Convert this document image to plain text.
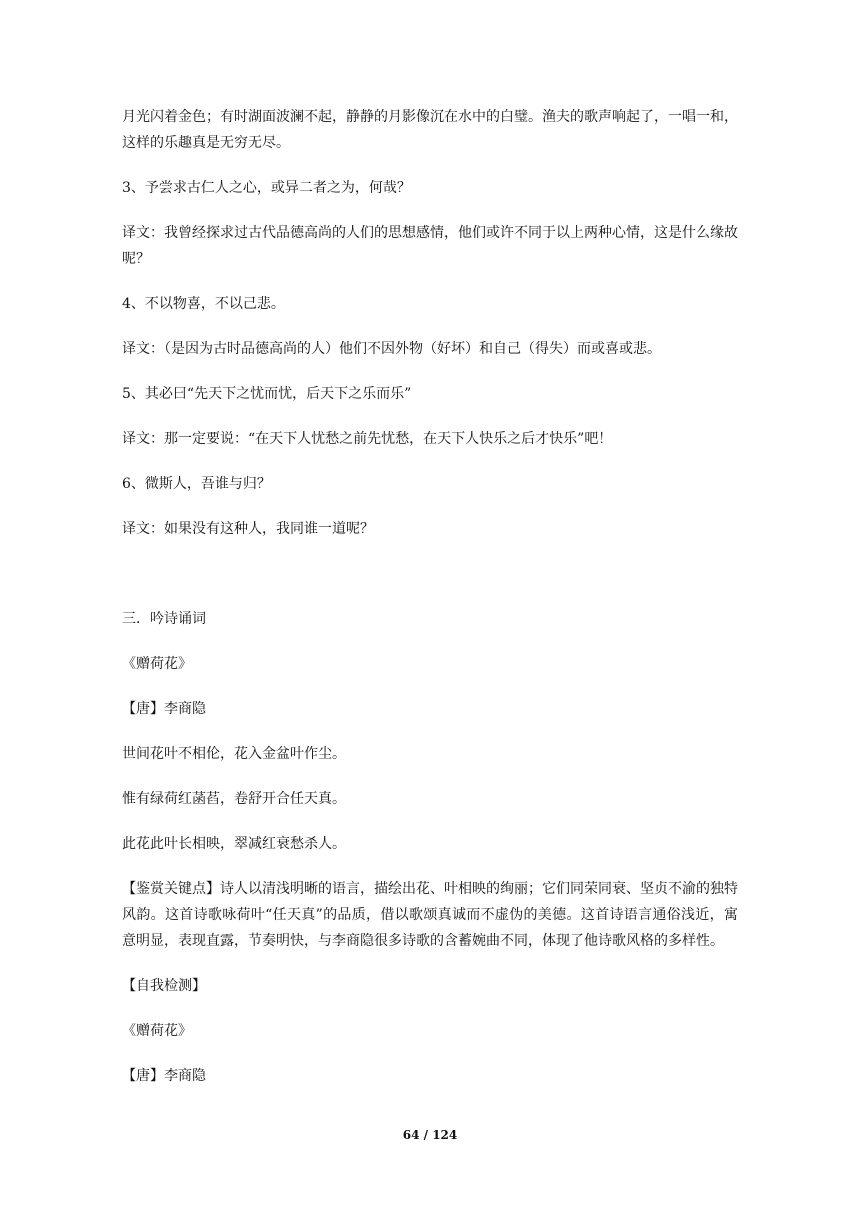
月光闪着金色；有时湖面波澜不起，静静的月影像沉在水中的白璧。渔夫的歌声响起了，一唱一和，这样的乐趣真是无穷无尽。

3、予尝求古仁人之心，或异二者之为，何哉？

译文：我曾经探求过古代品德高尚的人们的思想感情，他们或许不同于以上两种心情，这是什么缘故呢？

4、不以物喜，不以己悲。

译文：（是因为古时品德高尚的人）他们不因外物（好坏）和自己（得失）而或喜或悲。

5、其必曰“先天下之忧而忧，后天下之乐而乐”

译文：那一定要说：“在天下人忧愁之前先忧愁，在天下人快乐之后才快乐”吧！

6、微斯人，吾谁与归？

译文：如果没有这种人，我同谁一道呢？

三．吟诗诵词

《赠荷花》

【唐】李商隐

世间花叶不相伦，花入金盆叶作尘。

惟有绿荷红菡萏，卷舒开合任天真。

此花此叶长相映，翠减红衰愁杀人。

【鉴赏关键点】诗人以清浅明晰的语言，描绘出花、叶相映的绚丽；它们同荣同衰、坚贞不渝的独特风韵。这首诗歌咏荷叶“任天真”的品质，借以歌颂真诚而不虚伪的美德。这首诗语言通俗浅近，寓意明显，表现直露，节奏明快，与李商隐很多诗歌的含蓄婉曲不同，体现了他诗歌风格的多样性。

【自我检测】

《赠荷花》

【唐】李商隐

64 / 124
